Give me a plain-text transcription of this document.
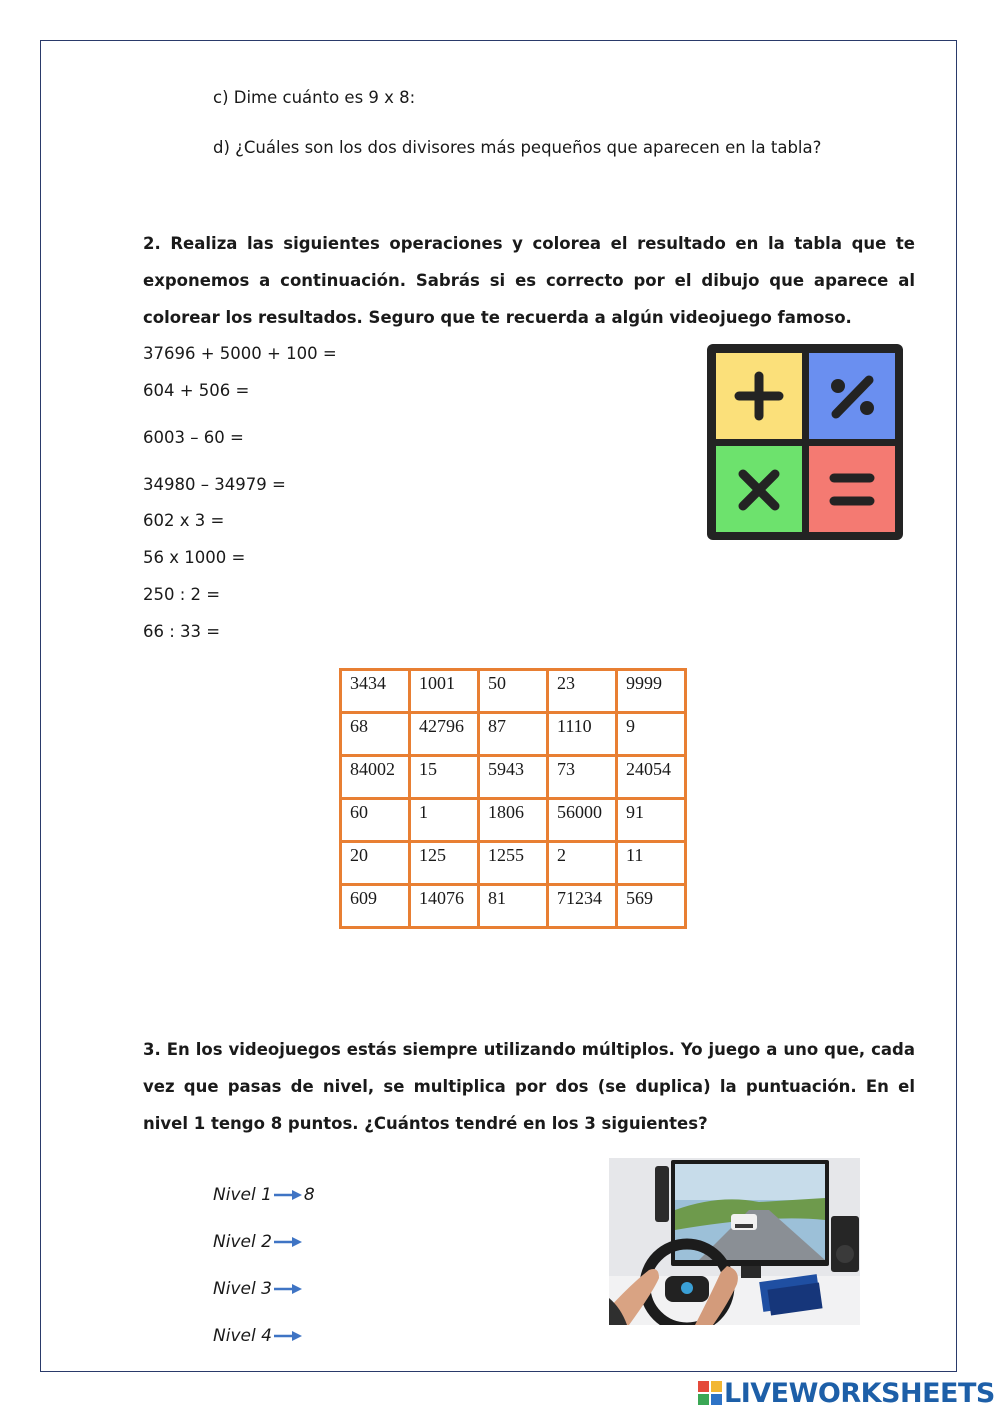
c) Dime cuánto es 9 x 8:
d) ¿Cuáles son los dos divisores más pequeños que aparecen en la tabla?
2. Realiza las siguientes operaciones y colorea el resultado en la tabla que te exponemos a continuación. Sabrás si es correcto por el dibujo que aparece al colorear los resultados. Seguro que te recuerda a algún videojuego famoso.
37696 + 5000 + 100 =
604 + 506 =
6003 – 60 =
34980 – 34979 =
602 x 3 =
56 x 1000 =
250 : 2 =
66 : 33 =
3434	1001	50	23	9999
68	42796	87	1110	9
84002	15	5943	73	24054
60	1	1806	56000	91
20	125	1255	2	11
609	14076	81	71234	569
3. En los videojuegos estás siempre utilizando múltiplos. Yo juego a uno que, cada vez que pasas de nivel, se multiplica por dos (se duplica) la puntuación. En el nivel 1 tengo 8 puntos. ¿Cuántos tendré en los 3 siguientes?
Nivel 1 8
Nivel 2
Nivel 3
Nivel 4
LIVEWORKSHEETS
